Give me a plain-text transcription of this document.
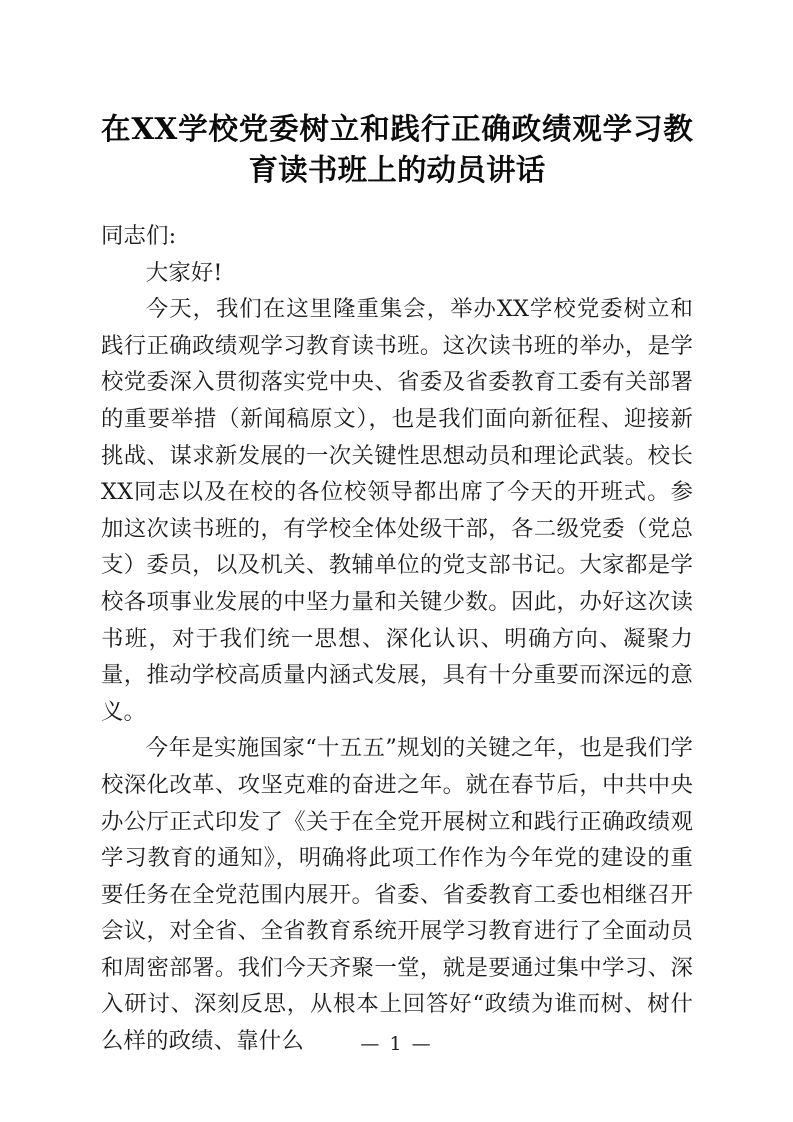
在XX学校党委树立和践行正确政绩观学习教育读书班上的动员讲话

同志们:

大家好!

今天，我们在这里隆重集会，举办XX学校党委树立和践行正确政绩观学习教育读书班。这次读书班的举办，是学校党委深入贯彻落实党中央、省委及省委教育工委有关部署的重要举措（新闻稿原文），也是我们面向新征程、迎接新挑战、谋求新发展的一次关键性思想动员和理论武装。校长XX同志以及在校的各位校领导都出席了今天的开班式。参加这次读书班的，有学校全体处级干部，各二级党委（党总支）委员，以及机关、教辅单位的党支部书记。大家都是学校各项事业发展的中坚力量和关键少数。因此，办好这次读书班，对于我们统一思想、深化认识、明确方向、凝聚力量，推动学校高质量内涵式发展，具有十分重要而深远的意义。

今年是实施国家“十五五”规划的关键之年，也是我们学校深化改革、攻坚克难的奋进之年。就在春节后，中共中央办公厅正式印发了《关于在全党开展树立和践行正确政绩观学习教育的通知》，明确将此项工作作为今年党的建设的重要任务在全党范围内展开。省委、省委教育工委也相继召开会议，对全省、全省教育系统开展学习教育进行了全面动员和周密部署。我们今天齐聚一堂，就是要通过集中学习、深入研讨、深刻反思，从根本上回答好“政绩为谁而树、树什么样的政绩、靠什么	— 1 —
